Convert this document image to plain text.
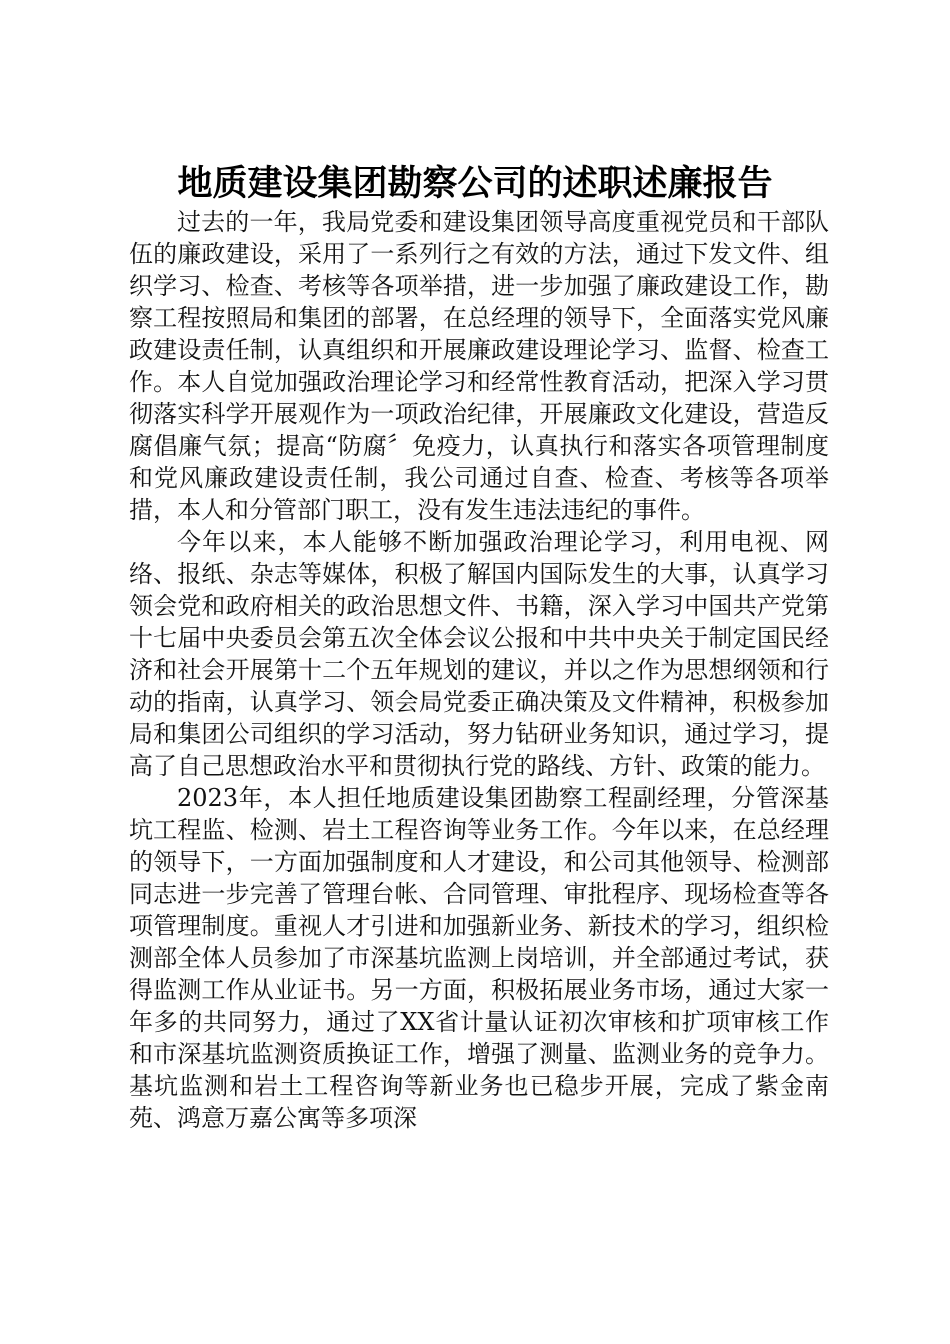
地质建设集团勘察公司的述职述廉报告

过去的一年，我局党委和建设集团领导高度重视党员和干部队伍的廉政建设，采用了一系列行之有效的方法，通过下发文件、组织学习、检查、考核等各项举措，进一步加强了廉政建设工作，勘察工程按照局和集团的部署，在总经理的领导下，全面落实党风廉政建设责任制，认真组织和开展廉政建设理论学习、监督、检查工作。本人自觉加强政治理论学习和经常性教育活动，把深入学习贯彻落实科学开展观作为一项政治纪律，开展廉政文化建设，营造反腐倡廉气氛；提高“防腐〞免疫力，认真执行和落实各项管理制度和党风廉政建设责任制，我公司通过自查、检查、考核等各项举措，本人和分管部门职工，没有发生违法违纪的事件。

今年以来，本人能够不断加强政治理论学习，利用电视、网络、报纸、杂志等媒体，积极了解国内国际发生的大事，认真学习领会党和政府相关的政治思想文件、书籍，深入学习中国共产党第十七届中央委员会第五次全体会议公报和中共中央关于制定国民经济和社会开展第十二个五年规划的建议，并以之作为思想纲领和行动的指南，认真学习、领会局党委正确决策及文件精神，积极参加局和集团公司组织的学习活动，努力钻研业务知识，通过学习，提高了自己思想政治水平和贯彻执行党的路线、方针、政策的能力。

2023年，本人担任地质建设集团勘察工程副经理，分管深基坑工程监、检测、岩土工程咨询等业务工作。今年以来，在总经理的领导下，一方面加强制度和人才建设，和公司其他领导、检测部同志进一步完善了管理台帐、合同管理、审批程序、现场检查等各项管理制度。重视人才引进和加强新业务、新技术的学习，组织检测部全体人员参加了市深基坑监测上岗培训，并全部通过考试，获得监测工作从业证书。另一方面，积极拓展业务市场，通过大家一年多的共同努力，通过了XX省计量认证初次审核和扩项审核工作和市深基坑监测资质换证工作，增强了测量、监测业务的竞争力。基坑监测和岩土工程咨询等新业务也已稳步开展，完成了紫金南苑、鸿意万嘉公寓等多项深
